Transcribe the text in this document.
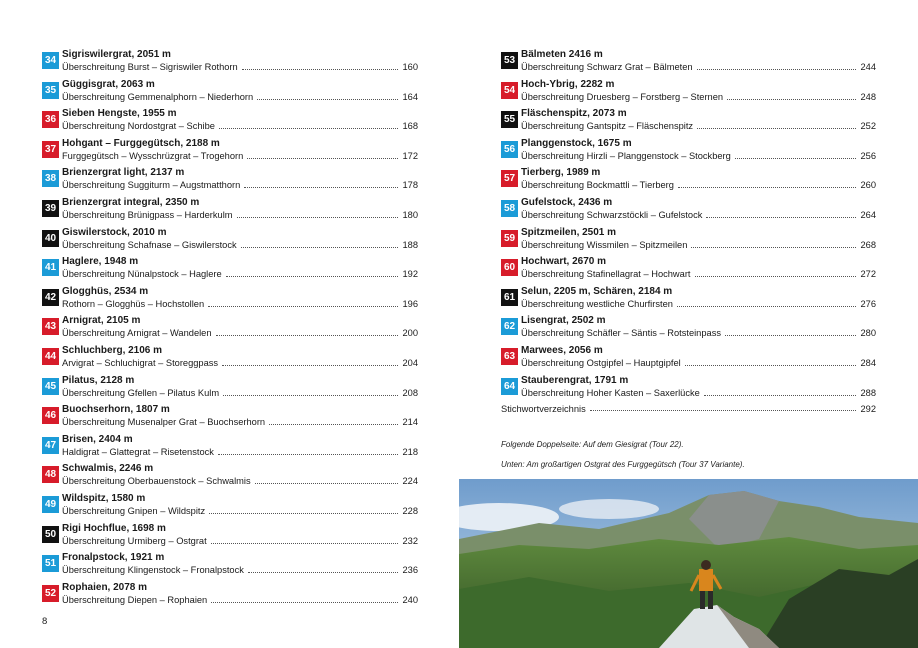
34
Sigriswilergrat, 2051 m
Überschreitung Burst – Sigriswiler Rothorn	160
35
Güggisgrat, 2063 m
Überschreitung Gemmenalphorn – Niederhorn	164
36
Sieben Hengste, 1955 m
Überschreitung Nordostgrat – Schibe	168
37
Hohgant – Furggegütsch, 2188 m
Furggegütsch – Wysschrüzgrat – Trogehorn	172
38
Brienzergrat light, 2137 m
Überschreitung Suggiturm – Augstmatthorn	178
39
Brienzergrat integral, 2350 m
Überschreitung Brünigpass – Harderkulm	180
40
Giswilerstock, 2010 m
Überschreitung Schafnase – Giswilerstock	188
41
Haglere, 1948 m
Überschreitung Nünalpstock – Haglere	192
42
Glogghüs, 2534 m
Rothorn – Glogghüs – Hochstollen	196
43
Arnigrat, 2105 m
Überschreitung Arnigrat – Wandelen	200
44
Schluchberg, 2106 m
Arvigrat – Schluchigrat – Storeggpass	204
45
Pilatus, 2128 m
Überschreitung Gfellen – Pilatus Kulm	208
46
Buochserhorn, 1807 m
Überschreitung Musenalper Grat – Buochserhorn	214
47
Brisen, 2404 m
Haldigrat – Glattegrat – Risetenstock	218
48
Schwalmis, 2246 m
Überschreitung Oberbauenstock – Schwalmis	224
49
Wildspitz, 1580 m
Überschreitung Gnipen – Wildspitz	228
50
Rigi Hochflue, 1698 m
Überschreitung Urmiberg – Ostgrat	232
51
Fronalpstock, 1921 m
Überschreitung Klingenstock – Fronalpstock	236
52
Rophaien, 2078 m
Überschreitung Diepen – Rophaien	240
Stichwortverzeichnis	292
53
Bälmeten 2416 m
Überschreitung Schwarz Grat – Bälmeten	244
54
Hoch-Ybrig, 2282 m
Überschreitung Druesberg – Forstberg – Sternen	248
55
Fläschenspitz, 2073 m
Überschreitung Gantspitz – Fläschenspitz	252
56
Planggenstock, 1675 m
Überschreitung Hirzli – Planggenstock – Stockberg	256
57
Tierberg, 1989 m
Überschreitung Bockmattli – Tierberg	260
58
Gufelstock, 2436 m
Überschreitung Schwarzstöckli – Gufelstock	264
59
Spitzmeilen, 2501 m
Überschreitung Wissmilen – Spitzmeilen	268
60
Hochwart, 2670 m
Überschreitung Stafinellagrat – Hochwart	272
61
Selun, 2205 m, Schären, 2184 m
Überschreitung westliche Churfirsten	276
62
Lisengrat, 2502 m
Überschreitung Schäfler – Säntis – Rotsteinpass	280
63
Marwees, 2056 m
Überschreitung Ostgipfel – Hauptgipfel	284
64
Stauberengrat, 1791 m
Überschreitung Hoher Kasten – Saxerlücke	288
Folgende Doppelseite: Auf dem Giesigrat (Tour 22).
Unten: Am großartigen Ostgrat des Furggegütsch (Tour 37 Variante).
8
